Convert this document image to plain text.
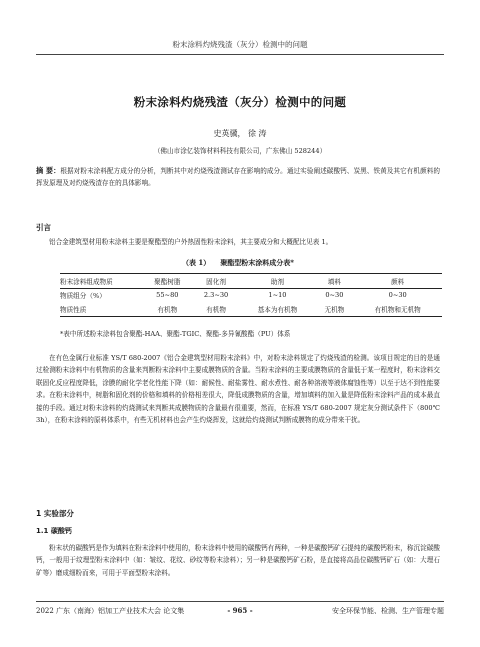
粉末涂料灼烧残渣（灰分）检测中的问题
粉末涂料灼烧残渣（灰分）检测中的问题
史英骥， 徐 涛
（佛山市涂亿装饰材料科技有限公司，广东佛山 528244）
摘 要：根据对粉末涂料配方成分的分析，判断其中对灼烧残渣测试存在影响的成分。通过实验阐述碳酸钙、炭黑、铁黄及其它有机颜料的挥发原理及对灼烧残渣存在的具体影响。
引言
铝合金建筑型材用粉末涂料主要是聚酯型的户外热固性粉末涂料，其主要成分和大概配比见表 1。
（表 1） 聚酯型粉末涂料成分表*
粉末涂料组成物质	聚酯树脂	固化剂	助剂	填料	颜料
物质组分（%）	55~80	2.3~30	1~10	0~30	0~30
物质性质	有机物	有机物	基本为有机物	无机物	有机物和无机物
*表中所述粉末涂料包含聚酯-HAA、聚酯-TGIC、聚酯-多异氰酸酯（PU）体系
在有色金属行业标准 YS/T 680-2007《铝合金建筑型材用粉末涂料》中，对粉末涂料规定了灼烧残渣的检测。该项目规定的目的是通过检测粉末涂料中有机物质的含量来判断粉末涂料中主要成膜物质的含量。当粉末涂料的主要成膜物质的含量低于某一程度时，粉末涂料交联固化反应程度降低，涂膜的耐化学老化性能下降（如：耐候性、耐盐雾性、耐水煮性、耐各种溶液等液体腐蚀性等）以至于达不到性能要求。在粉末涂料中，树脂和固化剂的价格和填料的价格相差很大，降低成膜物质的含量，增加填料的加入量是降低粉末涂料产品的成本最直接的手段。通过对粉末涂料的灼烧测试来判断其成膜物质的含量最有很重要，然而，在标准 YS/T 680-2007 规定灰分测试条件下（800℃ 3h），在粉末涂料的原料体系中，有些无机材料也会产生灼烧挥发，这就给灼烧测试判断成膜物的成分带来干扰。
1 实验部分
1.1 碳酸钙
粉末状的碳酸钙是作为填料在粉末涂料中使用的，粉末涂料中使用的碳酸钙有两种，一种是碳酸钙矿石提纯的碳酸钙粉末，称沉淀碳酸钙，一般用于纹理型粉末涂料中（如：皱纹、花纹、砂纹等粉末涂料）；另一种是碳酸钙矿石粉，是直接将高品位碳酸钙矿石（如：大理石矿等）磨成细粉而来，可用于平面型粉末涂料。
2022 广东（南海）铝加工产业技术大会 论文集	- 965 -	安全环保节能、检测、生产管理专题
